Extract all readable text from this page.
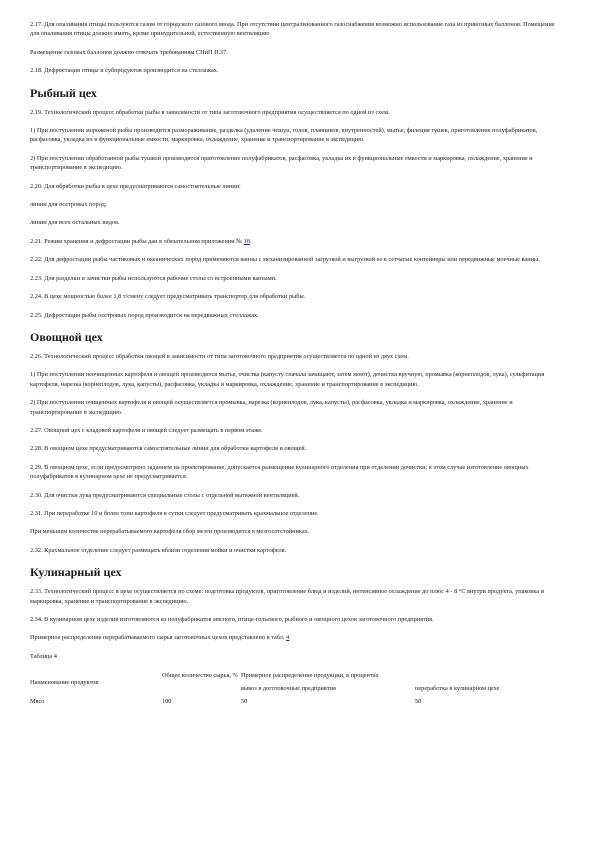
2.17. Для опаливания птицы пользуются газом от городского газового ввода. При отсутствии централизованного газоснабжения возможно использование газа из привозных баллонов. Помещение для опаливания птицы должно иметь, кроме принудительной, естественную вентиляцию

Размещение газовых баллонов должно отвечать требованиям СНиП II.37.

2.18. Дефростация птицы и субпродуктов производится на стеллажах.

Рыбный цех

2.19. Технологический процесс обработки рыбы в зависимости от типа заготовочного предприятия осуществляется по одной из схем.

1) При поступлении мороженой рыбы производится размораживание, разделка (удаление чешуи, голов, плавников, внутренностей), мытье, филеция тушек, приготовление полуфабрикатов, расфасовка, укладка их в функциональные емкости, маркировка, охлаждение, хранение и транспортирование в экспедицию.

2) При поступлении обработанной рыбы тушкой производится приготовление полуфабрикатов, расфасовка, укладка их в функциональные емкости и маркировка, охлаждение, хранение и транспортирование в экспедицию.

2.20. Для обработки рыбы в цехе предусматриваются самостоятельные линии:

линии для осетровых пород;

линии для всех остальных видов.

2.21. Режим хранения и дефростации рыбы дан в обязательном приложении № 18.

2.22. Для дефростации рыбы частиковых и океанических пород применяются ванны с механизированной загрузкой и выгрузкой ее в сетчатые контейнеры или передвижные моечные ванны.

2.23. Для разделки и зачистки рыбы используются рабочие столы со встроенными ваннами.

2.24. В цехе мощностью более 1,8 т/смену следует предусматривать транспортер для обработки рыбы.

2.25. Дефростация рыбы осетровых пород производится на передвижных стеллажах.

Овощной цех

2.26. Технологический процесс обработки овощей в зависимости от типа заготовочного предприятия осуществляется по одной из двух схем.

1) При поступлении неочищенных картофеля и овощей производится мытье, очистка (капусту сначала зачищают, затем моют), дочистка вручную, промывка (корнеплодов, лука), сульфитация картофеля, нарезка (корнеплодов, лука, капусты), расфасовка, укладка и маркировка, охлаждение, хранение и транспортирование в экспедицию.

2) При поступлении очищенных картофеля и овощей осуществляется промывка, нарезка (корнеплодов, лука, капусты), расфасовка, укладка и маркировка, охлаждение, хранение и транспортирование в экспедицию.

2.27. Овощной цех с кладовой картофеля и овощей следует размещать в первом этаже.

2.28. В овощном цехе предусматриваются самостоятельные линии для обработки картофеля и овощей.

2.29. В овощном цехе, если предусмотрено заданием на проектирование, допускается размещение кулинарного отделения при отделении дочистки; в этом случае изготовление овощных полуфабрикатов в кулинарном цехе не предусматривается.

2.30. Для очистки лука предусматриваются специальные столы с отдельной вытяжной вентиляцией.

2.31. При переработке 10 и более тонн картофеля в сутки следует предусматривать крахмальное отделение.

При меньшем количестве перерабатываемого картофеля сбор мезги производится в мезгосотстойниках.

2.32. Крахмальное отделение следует размещать вблизи отделения мойки и очистки картофеля.

Кулинарный цех

2.33. Технологический процесс в цехе осуществляется по схеме: подготовка продуктов, приготовление блюд и изделий, интенсивное охлаждение до плюс 4 - 8 °C внутри продукта, упаковка и маркировка, хранение и транспортирование в экспедицию.

2.34. В кулинарном цехе изделия изготовляются из полуфабрикатов мясного, птице-гольевого, рыбного и овощного цехов заготовочного предприятия.

Примерное распределение перерабатываемого сырья заготовочных цехов представлено в табл. 4

Таблица 4

Наименование продуктов	Общее количество сырья, %	Примерное распределение продукции, в процентах	
		вывоз в доготовочные предприятия	переработка в кулинарном цехе
Мясо	100	50	50
